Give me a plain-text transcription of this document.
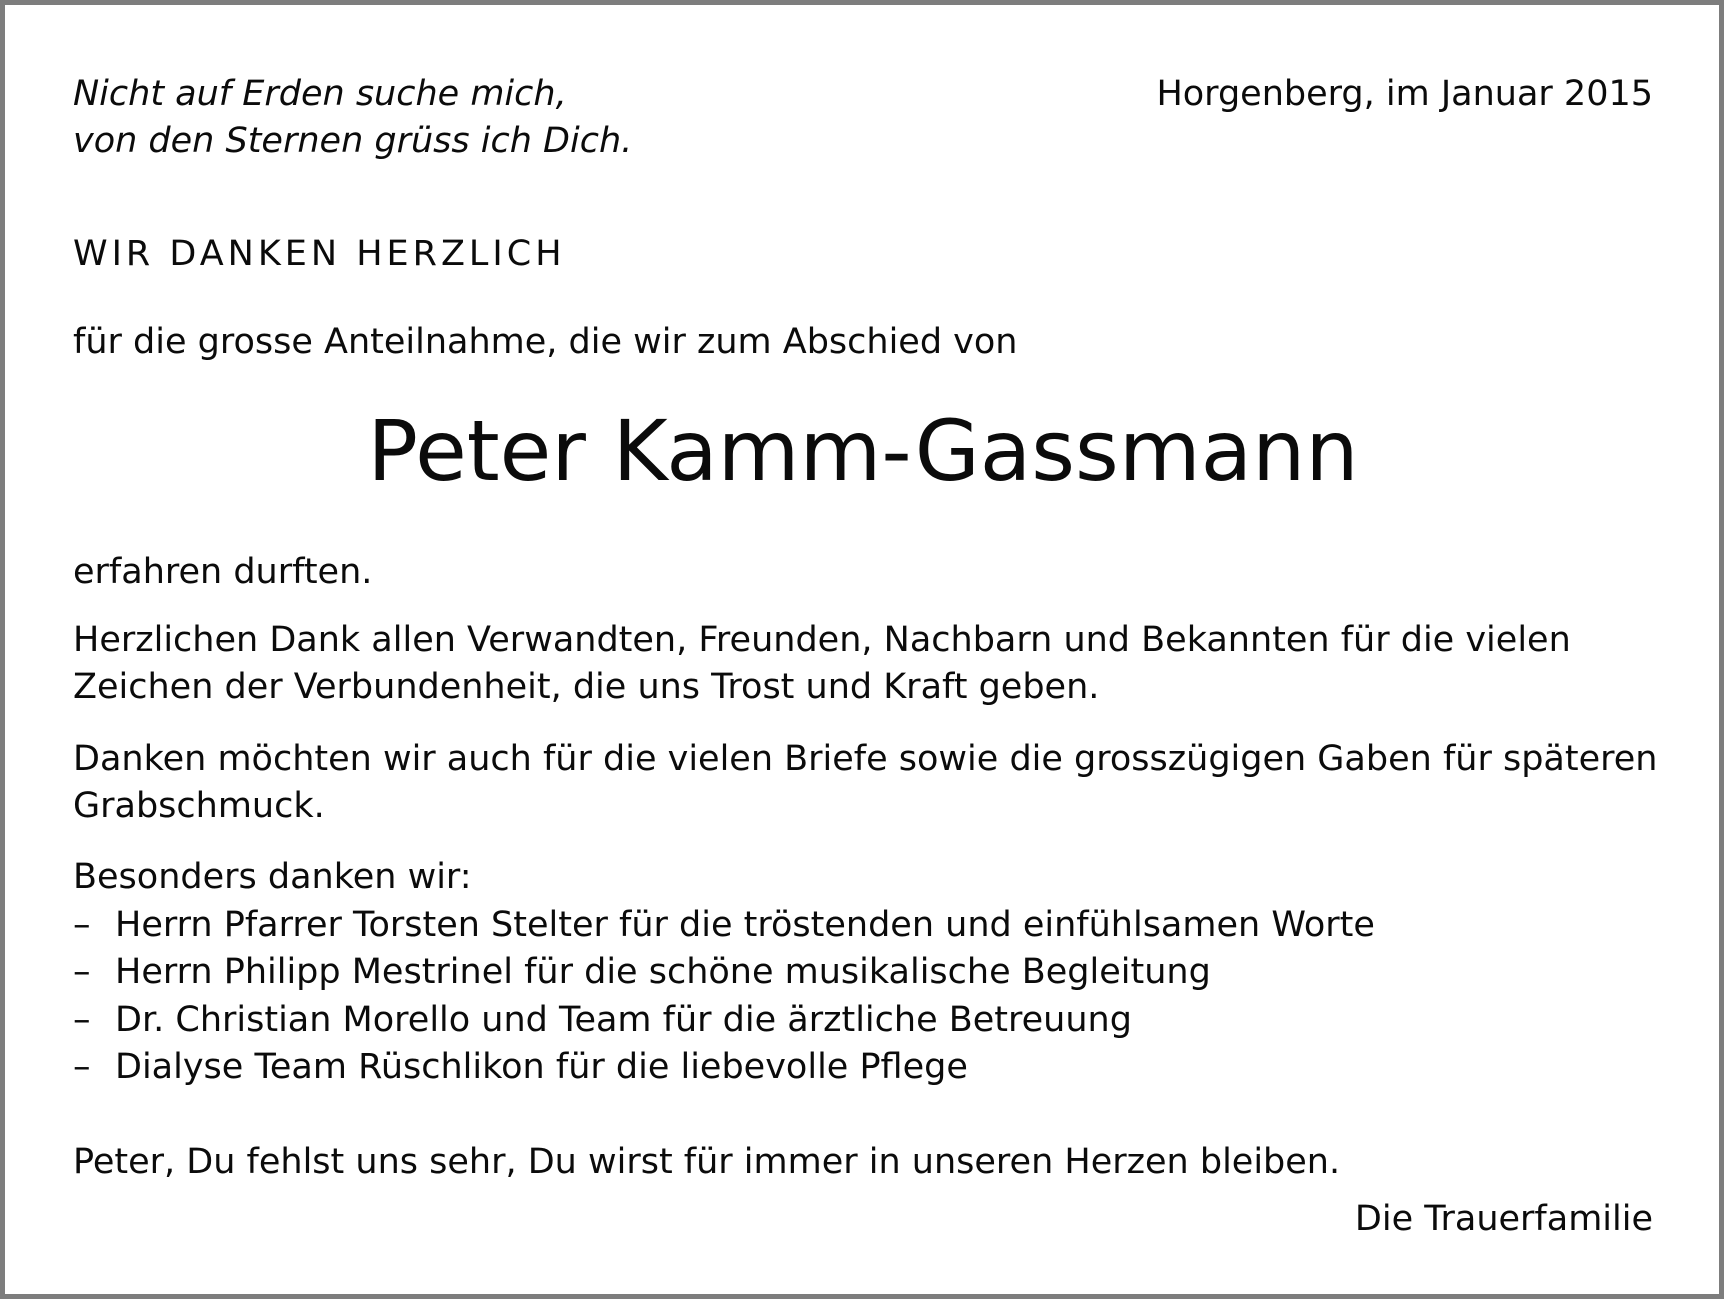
Nicht auf Erden suche mich,
von den Sternen grüss ich Dich.
Horgenberg, im Januar 2015
WIR DANKEN HERZLICH
für die grosse Anteilnahme, die wir zum Abschied von
Peter Kamm-Gassmann
erfahren durften.
Herzlichen Dank allen Verwandten, Freunden, Nachbarn und Bekannten für die vielen
Zeichen der Verbundenheit, die uns Trost und Kraft geben.
Danken möchten wir auch für die vielen Briefe sowie die grosszügigen Gaben für späteren
Grabschmuck.
Besonders danken wir:
– Herrn Pfarrer Torsten Stelter für die tröstenden und einfühlsamen Worte
– Herrn Philipp Mestrinel für die schöne musikalische Begleitung
– Dr. Christian Morello und Team für die ärztliche Betreuung
– Dialyse Team Rüschlikon für die liebevolle Pflege
Peter, Du fehlst uns sehr, Du wirst für immer in unseren Herzen bleiben.
Die Trauerfamilie
